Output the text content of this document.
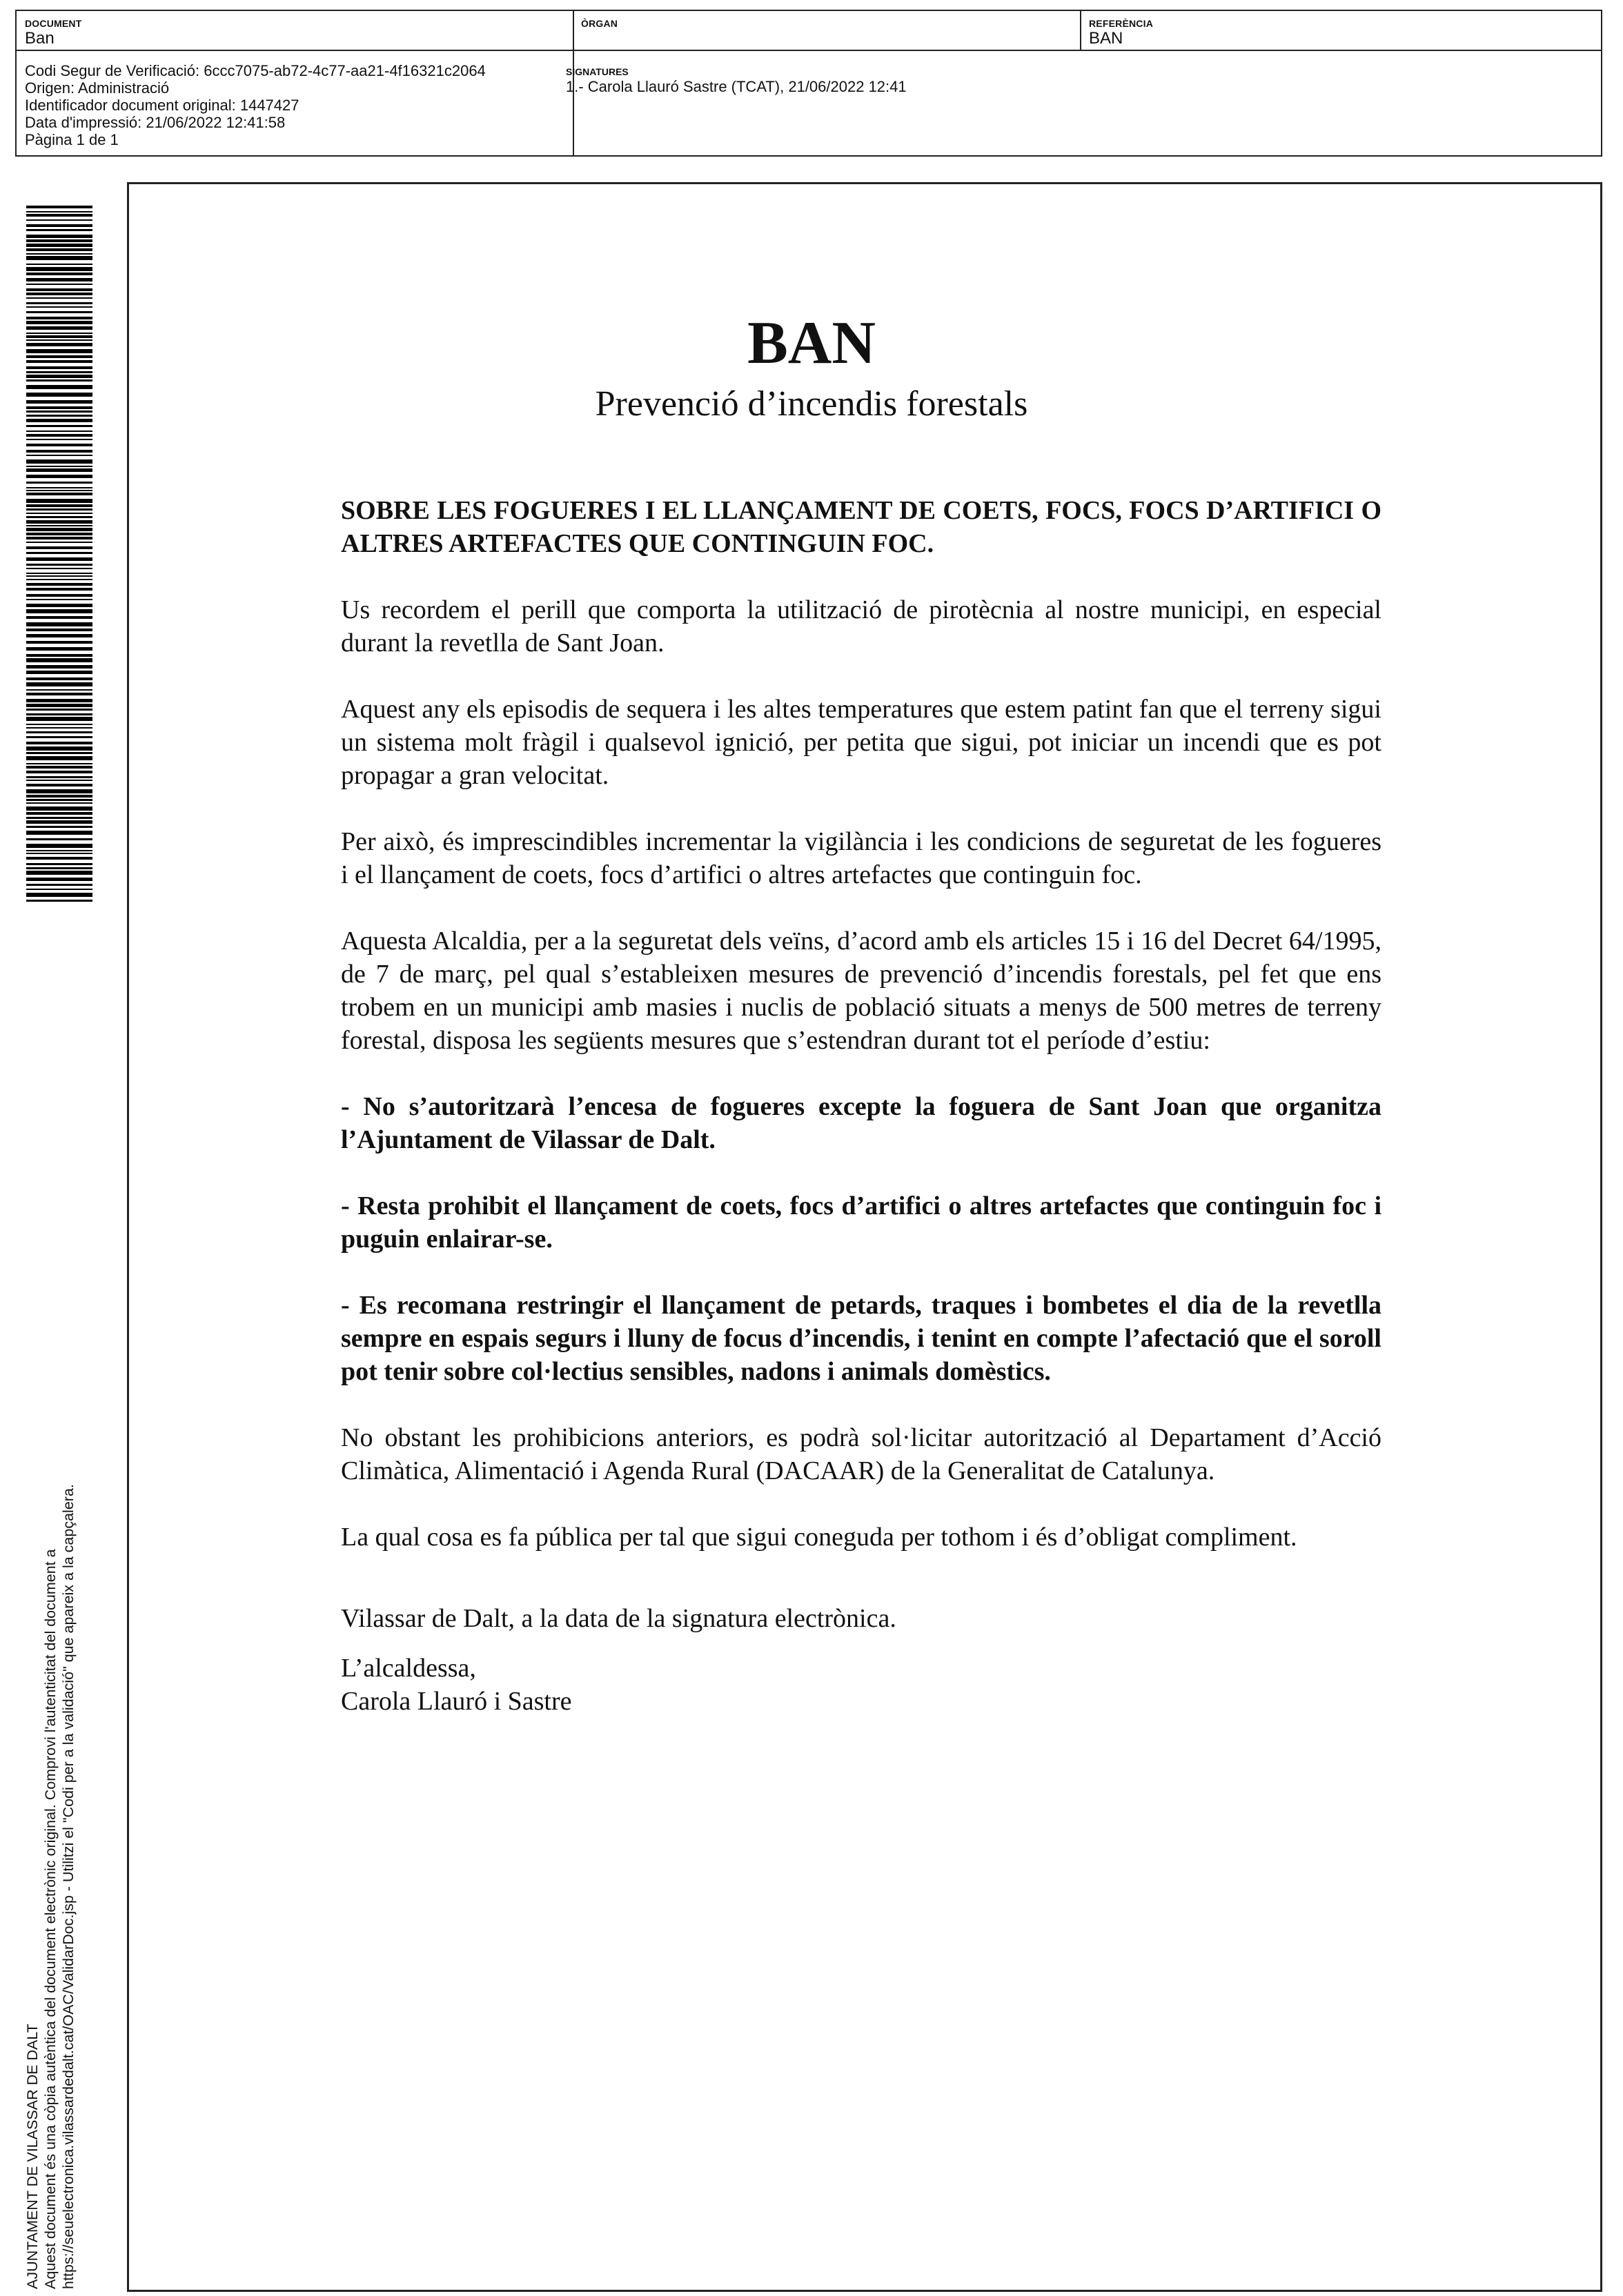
DOCUMENT
Ban
ÒRGAN	REFERÈNCIA
BAN
Codi Segur de Verificació: 6ccc7075-ab72-4c77-aa21-4f16321c2064
Origen: Administració
Identificador document original: 1447427
Data d'impressió: 21/06/2022 12:41:58
Pàgina 1 de 1
SIGNATURES
1.- Carola Llauró Sastre (TCAT), 21/06/2022 12:41
AJUNTAMENT DE VILASSAR DE DALT Aquest document és una còpia autèntica del document electrònic original. Comprovi l'autenticitat del document a https://seuelectronica.vilassardedalt.cat/OAC/ValidarDoc.jsp - Utilitzi el "Codi per a la validació" que apareix a la capçalera.
BAN
Prevenció d’incendis forestals

SOBRE LES FOGUERES I EL LLANÇAMENT DE COETS, FOCS, FOCS D’ARTIFICI O ALTRES ARTEFACTES QUE CONTINGUIN FOC.

Us recordem el perill que comporta la utilització de pirotècnia al nostre municipi, en especial durant la revetlla de Sant Joan.

Aquest any els episodis de sequera i les altes temperatures que estem patint fan que el terreny sigui un sistema molt fràgil i qualsevol ignició, per petita que sigui, pot iniciar un incendi que es pot propagar a gran velocitat.

Per això, és imprescindibles incrementar la vigilància i les condicions de seguretat de les fogueres i el llançament de coets, focs d’artifici o altres artefactes que continguin foc.

Aquesta Alcaldia, per a la seguretat dels veïns, d’acord amb els articles 15 i 16 del Decret 64/1995, de 7 de març, pel qual s’estableixen mesures de prevenció d’incendis forestals, pel fet que ens trobem en un municipi amb masies i nuclis de població situats a menys de 500 metres de terreny forestal, disposa les següents mesures que s’estendran durant tot el període d’estiu:

- No s’autoritzarà l’encesa de fogueres excepte la foguera de Sant Joan que organitza l’Ajuntament de Vilassar de Dalt.

- Resta prohibit el llançament de coets, focs d’artifici o altres artefactes que continguin foc i puguin enlairar-se.

- Es recomana restringir el llançament de petards, traques i bombetes el dia de la revetlla sempre en espais segurs i lluny de focus d’incendis, i tenint en compte l’afectació que el soroll pot tenir sobre col·lectius sensibles, nadons i animals domèstics.

No obstant les prohibicions anteriors, es podrà sol·licitar autorització al Departament d’Acció Climàtica, Alimentació i Agenda Rural (DACAAR) de la Generalitat de Catalunya.

La qual cosa es fa pública per tal que sigui coneguda per tothom i és d’obligat compliment.

Vilassar de Dalt, a la data de la signatura electrònica.

L’alcaldessa,

Carola Llauró i Sastre
